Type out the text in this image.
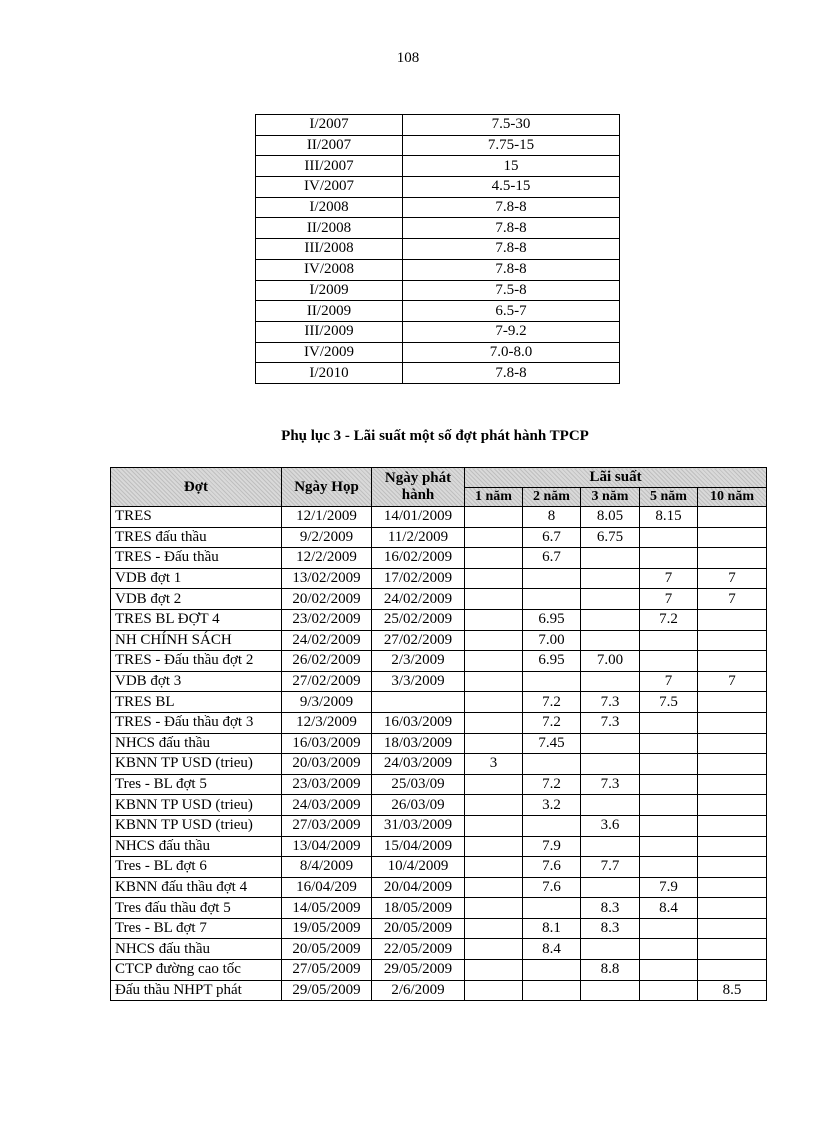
108
I/2007	7.5-30
II/2007	7.75-15
III/2007	15
IV/2007	4.5-15
I/2008	7.8-8
II/2008	7.8-8
III/2008	7.8-8
IV/2008	7.8-8
I/2009	7.5-8
II/2009	6.5-7
III/2009	7-9.2
IV/2009	7.0-8.0
I/2010	7.8-8
Phụ lục 3 - Lãi suất một số đợt phát hành TPCP
Đợt	Ngày Họp	Ngày phát hành	Lãi suất				
			1 năm	2 năm	3 năm	5 năm	10 năm
TRES	12/1/2009	14/01/2009		8	8.05	8.15	
TRES đấu thầu	9/2/2009	11/2/2009		6.7	6.75		
TRES - Đấu thầu	12/2/2009	16/02/2009		6.7			
VDB đợt 1	13/02/2009	17/02/2009				7	7
VDB đợt 2	20/02/2009	24/02/2009				7	7
TRES BL ĐỢT 4	23/02/2009	25/02/2009		6.95		7.2	
NH CHÍNH SÁCH	24/02/2009	27/02/2009		7.00			
TRES - Đấu thầu đợt 2	26/02/2009	2/3/2009		6.95	7.00		
VDB đợt 3	27/02/2009	3/3/2009				7	7
TRES BL	9/3/2009			7.2	7.3	7.5	
TRES - Đấu thầu đợt 3	12/3/2009	16/03/2009		7.2	7.3		
NHCS đấu thầu	16/03/2009	18/03/2009		7.45			
KBNN TP USD (trieu)	20/03/2009	24/03/2009	3				
Tres - BL đợt 5	23/03/2009	25/03/09		7.2	7.3		
KBNN TP USD (trieu)	24/03/2009	26/03/09		3.2			
KBNN TP USD (trieu)	27/03/2009	31/03/2009			3.6		
NHCS đấu thầu	13/04/2009	15/04/2009		7.9			
Tres - BL đợt 6	8/4/2009	10/4/2009		7.6	7.7		
KBNN đấu thầu đợt 4	16/04/209	20/04/2009		7.6		7.9	
Tres đấu thầu đợt 5	14/05/2009	18/05/2009			8.3	8.4	
Tres - BL đợt 7	19/05/2009	20/05/2009		8.1	8.3		
NHCS đấu thầu	20/05/2009	22/05/2009		8.4			
CTCP đường cao tốc	27/05/2009	29/05/2009			8.8		
Đấu thầu NHPT phát	29/05/2009	2/6/2009					8.5
